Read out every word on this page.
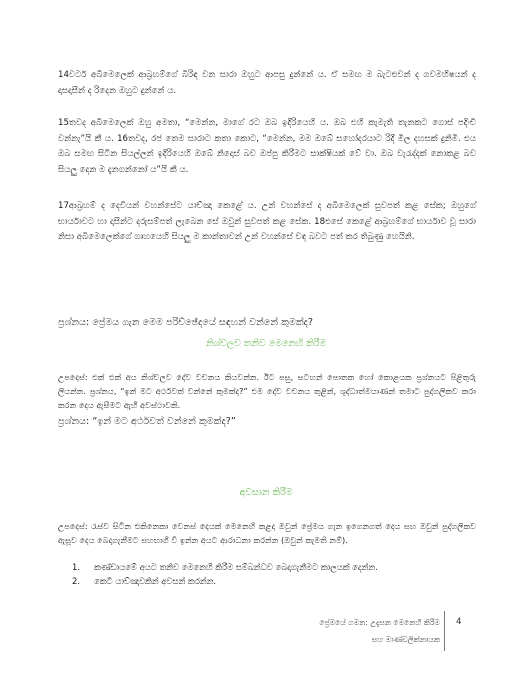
14වර්ට අබිමෙලෙක් ආබ්‍රහම්ගේ බිරිඳ වන සාරා ඔහුට ආපසු දුන්නේ ය. ඒ සමඟ ම බැටළුවන් ද ගවමහිෂයන් ද දාසදාසීන් ද රිදෙන ඔහුට දුන්නේ ය.

15තවද අබිමෙලෙක් ඔහු අමතා, “මෙන්න, මාගේ රට ඔබ ඉදිරියෙහි ය. ඔබ එහි කැමැති තැනකට ගොස් පදිංචි වන්නැ”යි කී ය. 16තවද, රජ තෙම සාරාට කතා කොට, “මෙන්න, මම ඔබේ සහෝදරයාට රිදී මිල දහසක් දුනිමි. එය ඔබ සමඟ සිටින සියල්ලන් ඉදිරියෙහි ඔබේ නිදොස් බව ඔප්පු කිරීමට සාක්ෂියක් වේ වා. ඔබ වැරැද්දක් නොකළ බව සියලු දෙන ම දැනගන්නෝ ය”යි කී ය.

17ආබ්‍රහම් ද දෙවියන් වහන්සේට යාච්ඤා කෙළේ ය. උන් වහන්සේ ද අබිමෙලෙක් සුවපත් කළ සේක; ඔහුගේ භාර්යාවට හා දාසීන්ට දරුසම්පත් ලැබෙන සේ ඔවුන් සුවපත් කළ සේක. 18එසේ කෙළේ ආබ්‍රහම්ගේ භාර්යාව වූ සාරා නිසා අබිමෙලෙක්ගේ ගෘහයෙහි සියලු ම කාන්තාවන් උන් වහන්සේ වඳ බවට පත් කර තිබුණු හෙයිනි.

ප්‍රශ්නය: ප්‍රේමය ගැන මෙම පරිච්ඡේදයේ සඳහන් වන්නේ කුමක්ද?

නිශ්චලව තනිව මෙනෙහි කිරීම

උපදෙස්: එක් එක් අය නිශ්චලව දේව වචනය කියවන්න. ඊට පසු, සටහන් පොතක හෝ කොළයක ප්‍රශ්නයට පිළිතුරු ලියන්න. ප්‍රශ්නය, “ඉන් මට අර්ථවත් වන්නේ කුමක්ද?” එම දේව වචනය තුළින්, ශුද්ධාත්මයාණන් තමාට පුද්ගලිකව කරා කරන දෙය ඇසීමට ඇහී අවස්ථාවකි.

ප්‍රශ්නය: “ඉන් මට අර්ථවත් වන්නේ කුමක්ද?”

අවසාන කිරීම

උපදෙස්: රැස්ව සිටින එකිනෙකා වෙනස් දෙයක් මෙනෙහි කළද ඔවුන් ප්‍රේමය ගැන ඉගෙනගත් දෙය සහ ඔවුන් පුද්ගලිකව ඇසූව දෙය බෙදාගැනීමට සහභාගී වී ඉන්න අයට ආරාධනා කරන්න (ඔවුන් කැමති නම්).

1.	කණ්ඩායමේ අයට තනිව මෙනෙහි කිරීම සම්බන්ධව බෙදාගැනීමට කාලයක් දෙන්න.
2.	කෙටි යාච්ඤාවකින් අවසන් කරන්න.

ප්‍රේමයේ ගමන: උදැසන මෙනෙහි කිරීම

සහ මාණ්ඩලික්නායක

4
